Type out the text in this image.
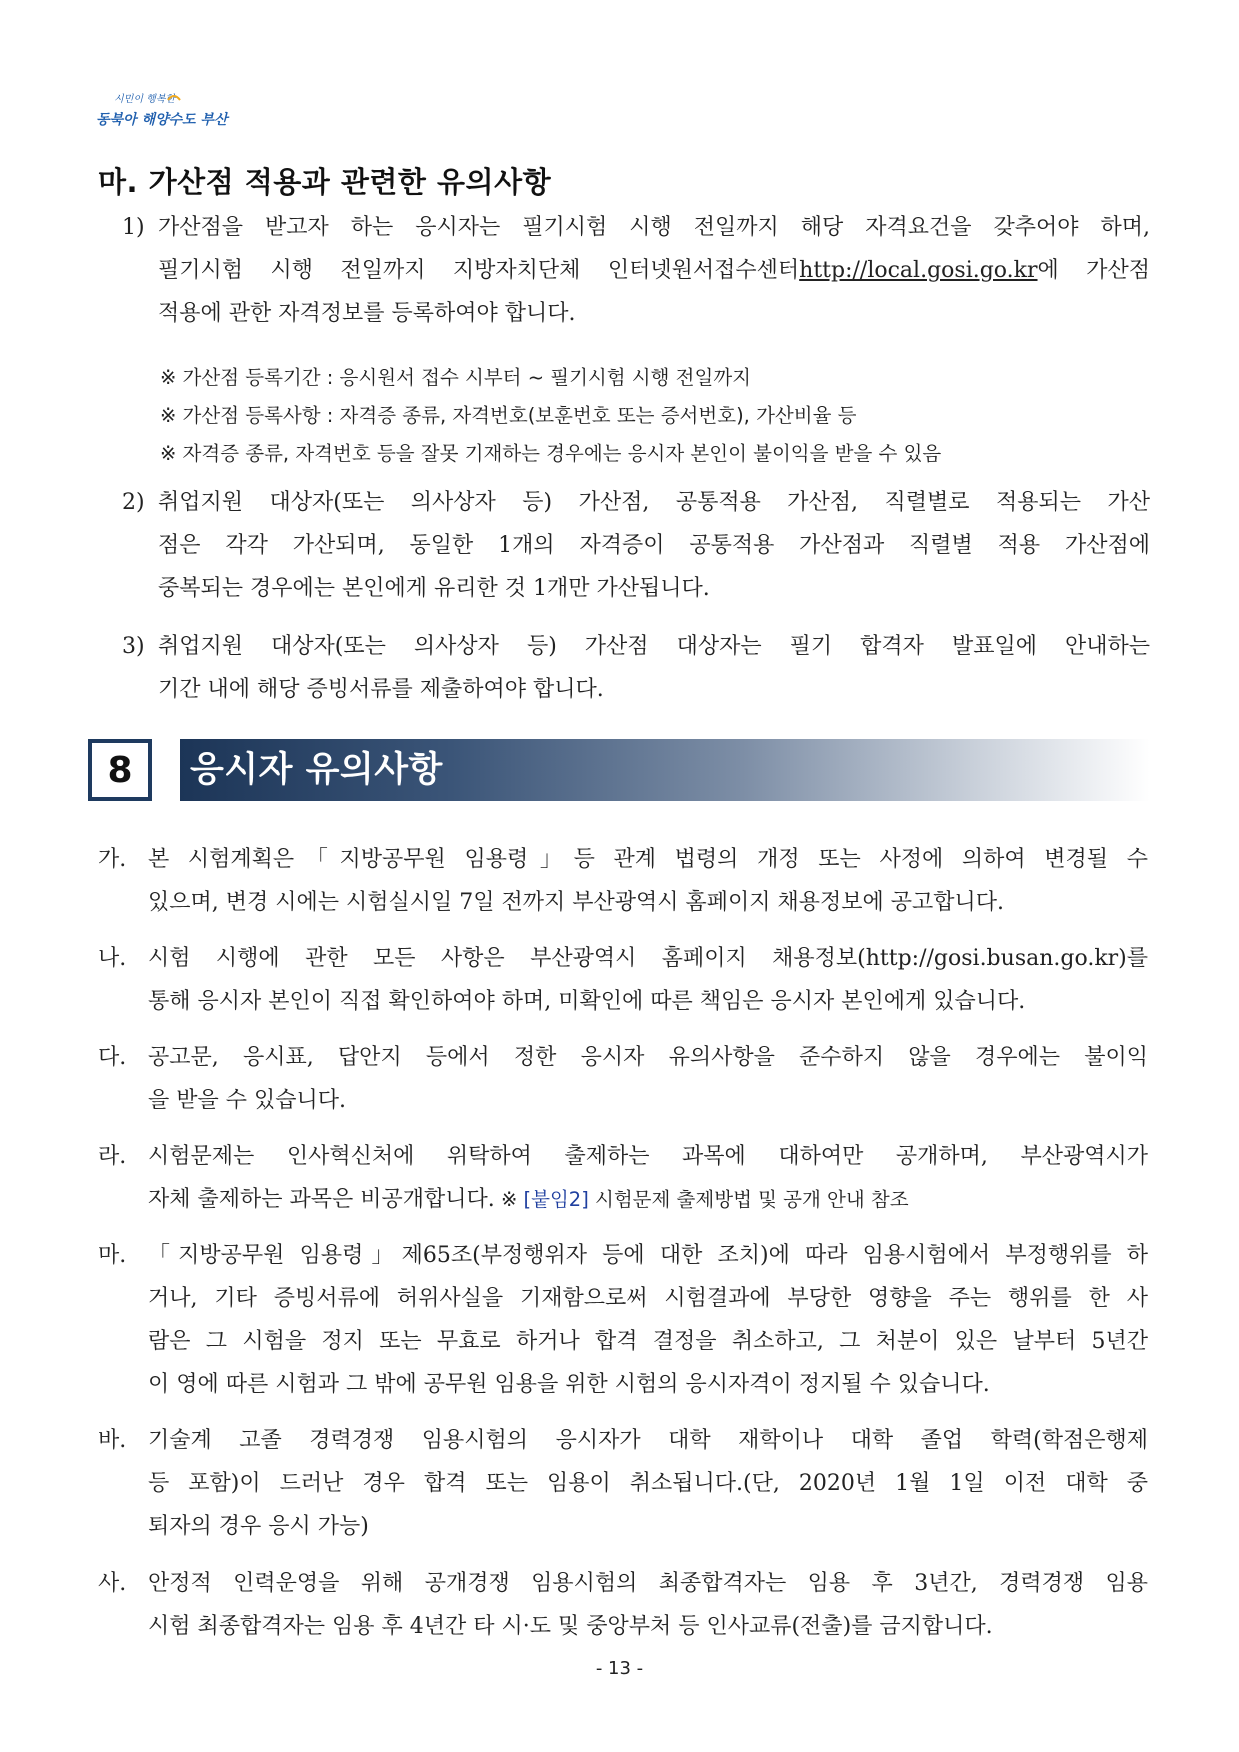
시민이 행복한
동북아 해양수도 부산
마. 가산점 적용과 관련한 유의사항
1) 가산점을 받고자 하는 응시자는 필기시험 시행 전일까지 해당 자격요건을 갖추어야 하며,
필기시험 시행 전일까지 지방자치단체 인터넷원서접수센터http://local.gosi.go.kr에 가산점
적용에 관한 자격정보를 등록하여야 합니다.
※ 가산점 등록기간 : 응시원서 접수 시부터 ~ 필기시험 시행 전일까지
※ 가산점 등록사항 : 자격증 종류, 자격번호(보훈번호 또는 증서번호), 가산비율 등
※ 자격증 종류, 자격번호 등을 잘못 기재하는 경우에는 응시자 본인이 불이익을 받을 수 있음
2) 취업지원 대상자(또는 의사상자 등) 가산점, 공통적용 가산점, 직렬별로 적용되는 가산
점은 각각 가산되며, 동일한 1개의 자격증이 공통적용 가산점과 직렬별 적용 가산점에
중복되는 경우에는 본인에게 유리한 것 1개만 가산됩니다.
3) 취업지원 대상자(또는 의사상자 등) 가산점 대상자는 필기 합격자 발표일에 안내하는
기간 내에 해당 증빙서류를 제출하여야 합니다.
8 응시자 유의사항
가. 본 시험계획은「지방공무원 임용령」등 관계 법령의 개정 또는 사정에 의하여 변경될 수
있으며, 변경 시에는 시험실시일 7일 전까지 부산광역시 홈페이지 채용정보에 공고합니다.
나. 시험 시행에 관한 모든 사항은 부산광역시 홈페이지 채용정보(http://gosi.busan.go.kr)를
통해 응시자 본인이 직접 확인하여야 하며, 미확인에 따른 책임은 응시자 본인에게 있습니다.
다. 공고문, 응시표, 답안지 등에서 정한 응시자 유의사항을 준수하지 않을 경우에는 불이익
을 받을 수 있습니다.
라. 시험문제는 인사혁신처에 위탁하여 출제하는 과목에 대하여만 공개하며, 부산광역시가
자체 출제하는 과목은 비공개합니다. ※ [붙임2] 시험문제 출제방법 및 공개 안내 참조
마. 「지방공무원 임용령」제65조(부정행위자 등에 대한 조치)에 따라 임용시험에서 부정행위를 하
거나, 기타 증빙서류에 허위사실을 기재함으로써 시험결과에 부당한 영향을 주는 행위를 한 사
람은 그 시험을 정지 또는 무효로 하거나 합격 결정을 취소하고, 그 처분이 있은 날부터 5년간
이 영에 따른 시험과 그 밖에 공무원 임용을 위한 시험의 응시자격이 정지될 수 있습니다.
바. 기술계 고졸 경력경쟁 임용시험의 응시자가 대학 재학이나 대학 졸업 학력(학점은행제
등 포함)이 드러난 경우 합격 또는 임용이 취소됩니다.(단, 2020년 1월 1일 이전 대학 중
퇴자의 경우 응시 가능)
사. 안정적 인력운영을 위해 공개경쟁 임용시험의 최종합격자는 임용 후 3년간, 경력경쟁 임용
시험 최종합격자는 임용 후 4년간 타 시·도 및 중앙부처 등 인사교류(전출)를 금지합니다.
- 13 -
